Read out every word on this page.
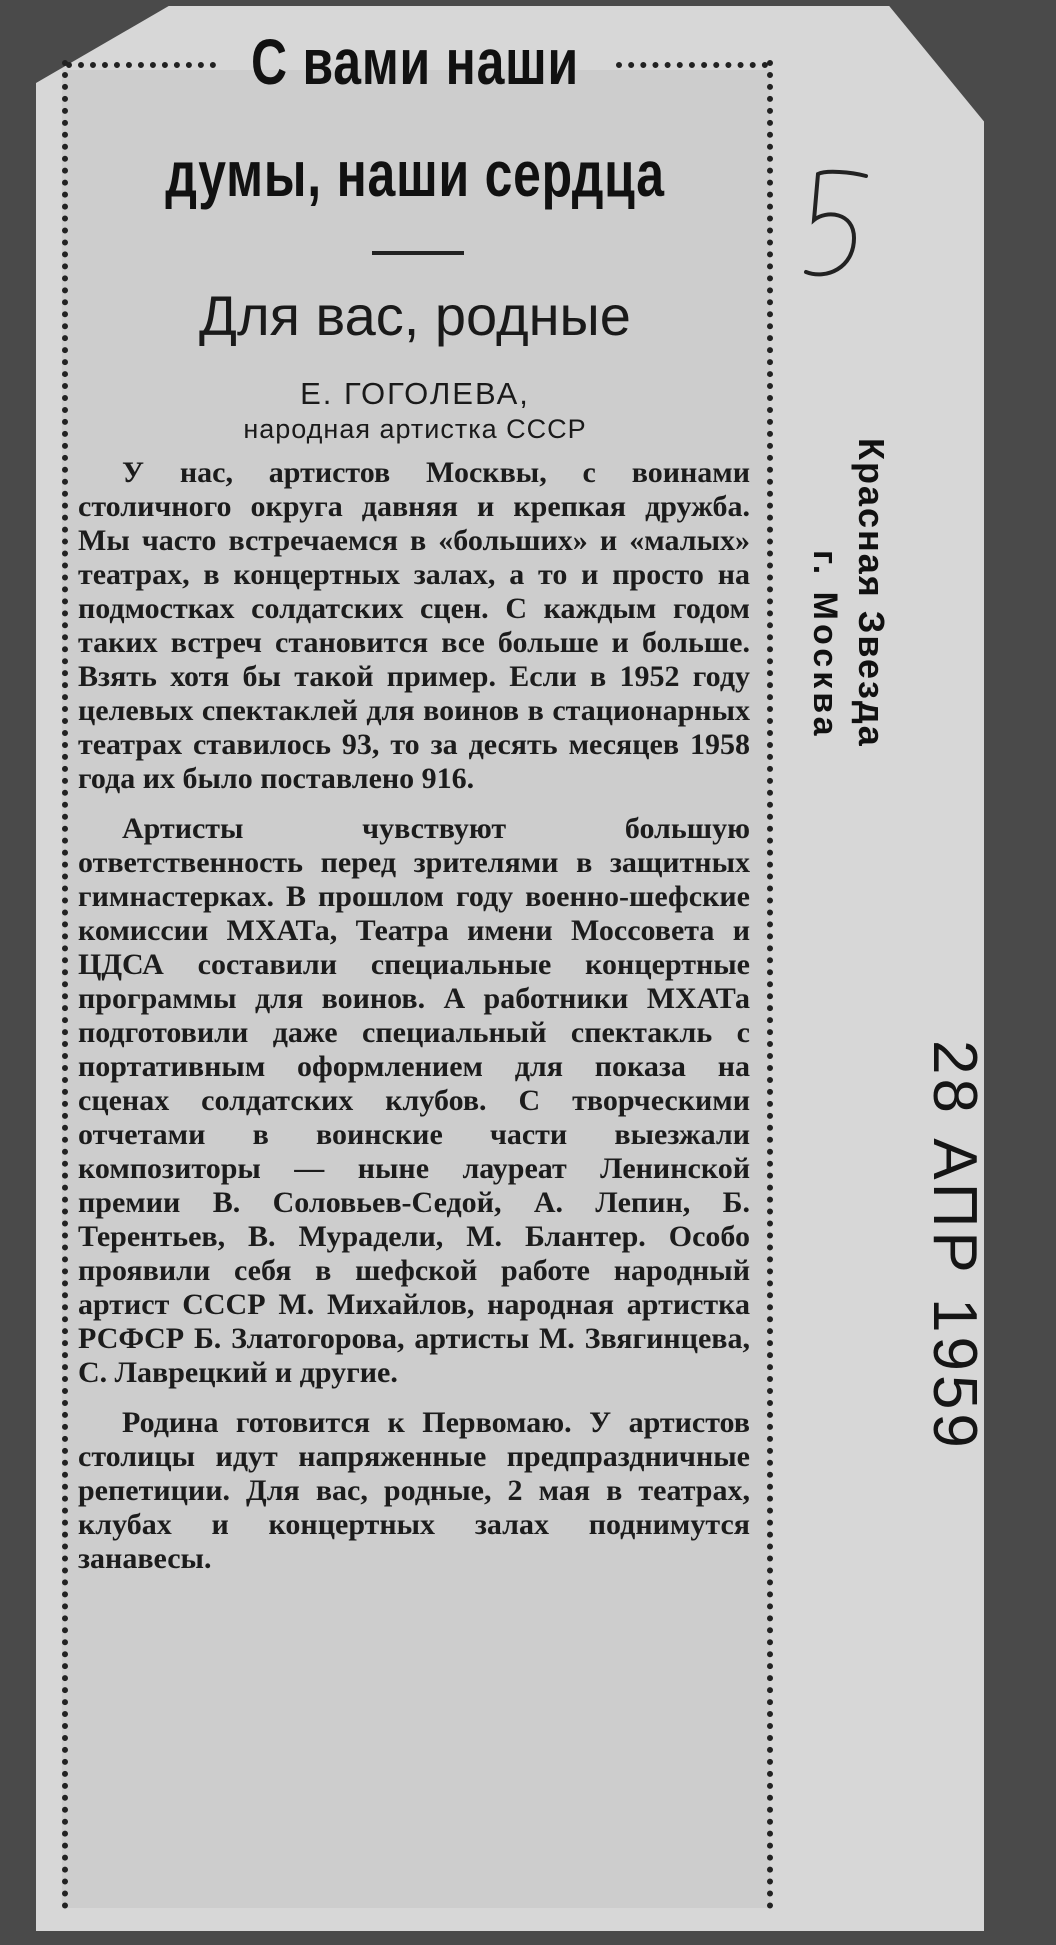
С вами наши
думы, наши сердца
Для вас, родные
Е. ГОГОЛЕВА,
народная артистка СССР

У нас, артистов Москвы, с воинами столичного округа давняя и крепкая дружба. Мы часто встречаемся в «больших» и «малых» театрах, в концертных залах, а то и просто на подмостках солдатских сцен. С каждым годом таких встреч становится все больше и больше. Взять хотя бы такой пример. Если в 1952 году целевых спектаклей для воинов в стационарных театрах ставилось 93, то за десять месяцев 1958 года их было поставлено 916.

Артисты чувствуют большую ответственность перед зрителями в защитных гимнастерках. В прошлом году военно-шефские комиссии МХАТа, Театра имени Моссовета и ЦДСА составили специальные концертные программы для воинов. А работники МХАТа подготовили даже специальный спектакль с портативным оформлением для показа на сценах солдатских клубов. С творческими отчетами в воинские части выезжали композиторы — ныне лауреат Ленинской премии В. Соловьев-Седой, А. Лепин, Б. Терентьев, В. Мурадели, М. Блантер. Особо проявили себя в шефской работе народный артист СССР М. Михайлов, народная артистка РСФСР Б. Златогорова, артисты М. Звягинцева, С. Лаврецкий и другие.

Родина готовится к Первомаю. У артистов столицы идут напряженные предпраздничные репетиции. Для вас, родные, 2 мая в театрах, клубах и концертных залах поднимутся занавесы.

Красная Звезда
г. Москва
28 АПР 1959
